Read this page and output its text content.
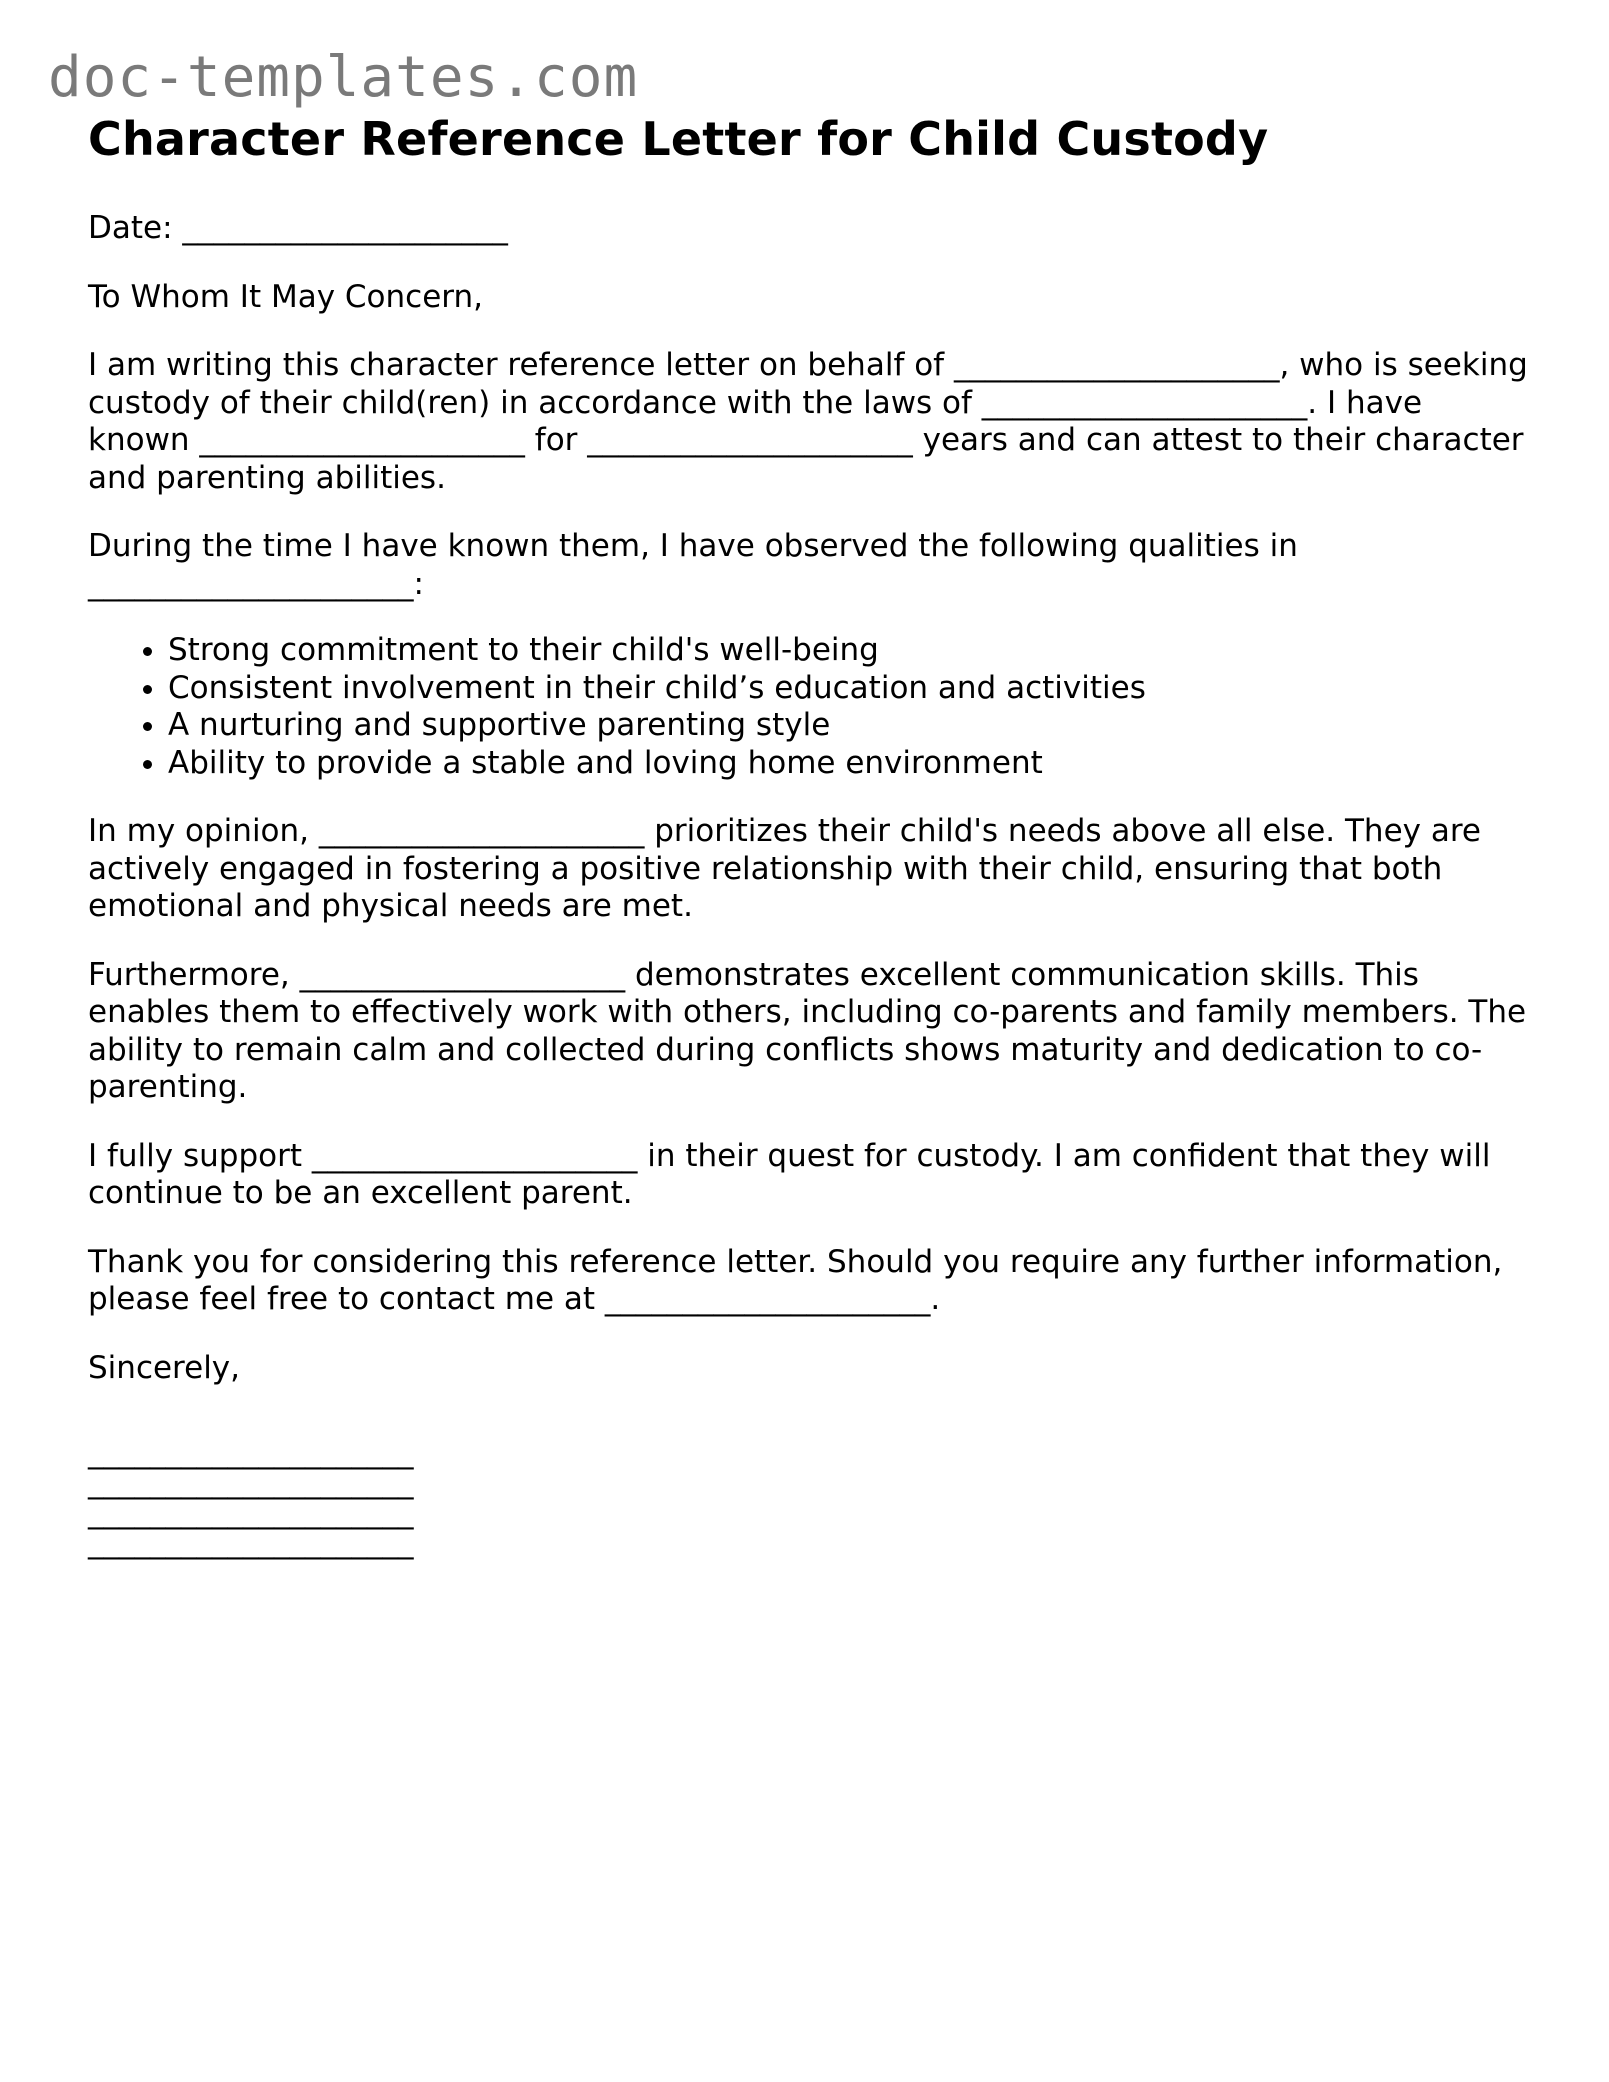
doc-templates.com
Character Reference Letter for Child Custody

Date: _____________________

To Whom It May Concern,

I am writing this character reference letter on behalf of _____________________, who is seeking custody of their child(ren) in accordance with the laws of _____________________. I have known _____________________ for _____________________ years and can attest to their character and parenting abilities.

During the time I have known them, I have observed the following qualities in _____________________:

• Strong commitment to their child's well-being
• Consistent involvement in their child’s education and activities
• A nurturing and supportive parenting style
• Ability to provide a stable and loving home environment

In my opinion, _____________________ prioritizes their child's needs above all else. They are actively engaged in fostering a positive relationship with their child, ensuring that both emotional and physical needs are met.

Furthermore, _____________________ demonstrates excellent communication skills. This enables them to effectively work with others, including co-parents and family members. The ability to remain calm and collected during conflicts shows maturity and dedication to co-parenting.

I fully support _____________________ in their quest for custody. I am confident that they will continue to be an excellent parent.

Thank you for considering this reference letter. Should you require any further information, please feel free to contact me at _____________________.

Sincerely,

_____________________
_____________________
_____________________
_____________________
